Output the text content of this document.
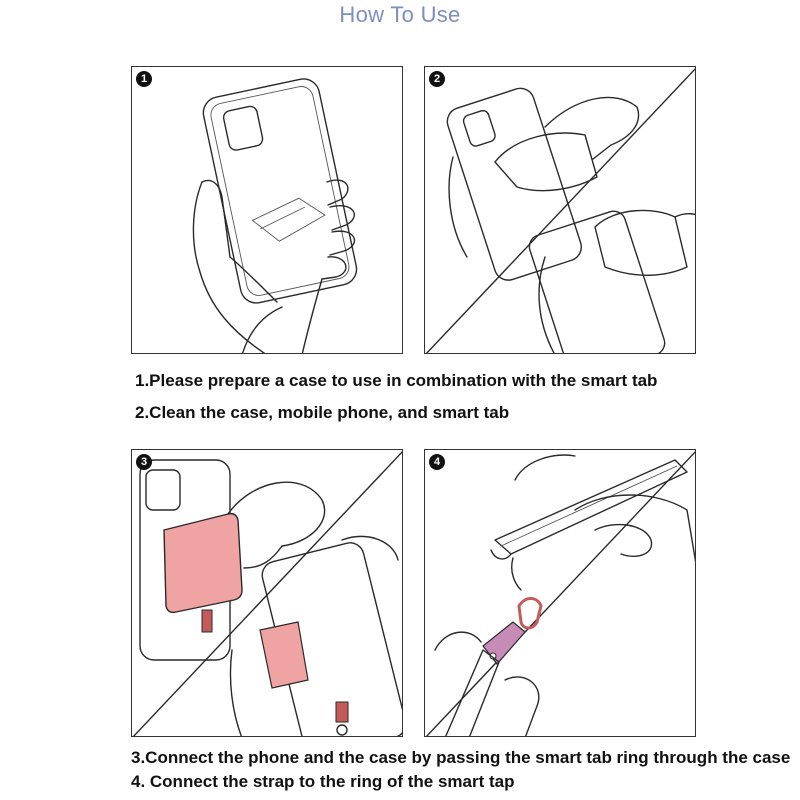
How To Use
1	2
3	4
1.Please prepare a case to use in combination with the smart tab
2.Clean the case, mobile phone, and smart tab
3.Connect the phone and the case by passing the smart tab ring through the case
4. Connect the strap to the ring of the smart tap
